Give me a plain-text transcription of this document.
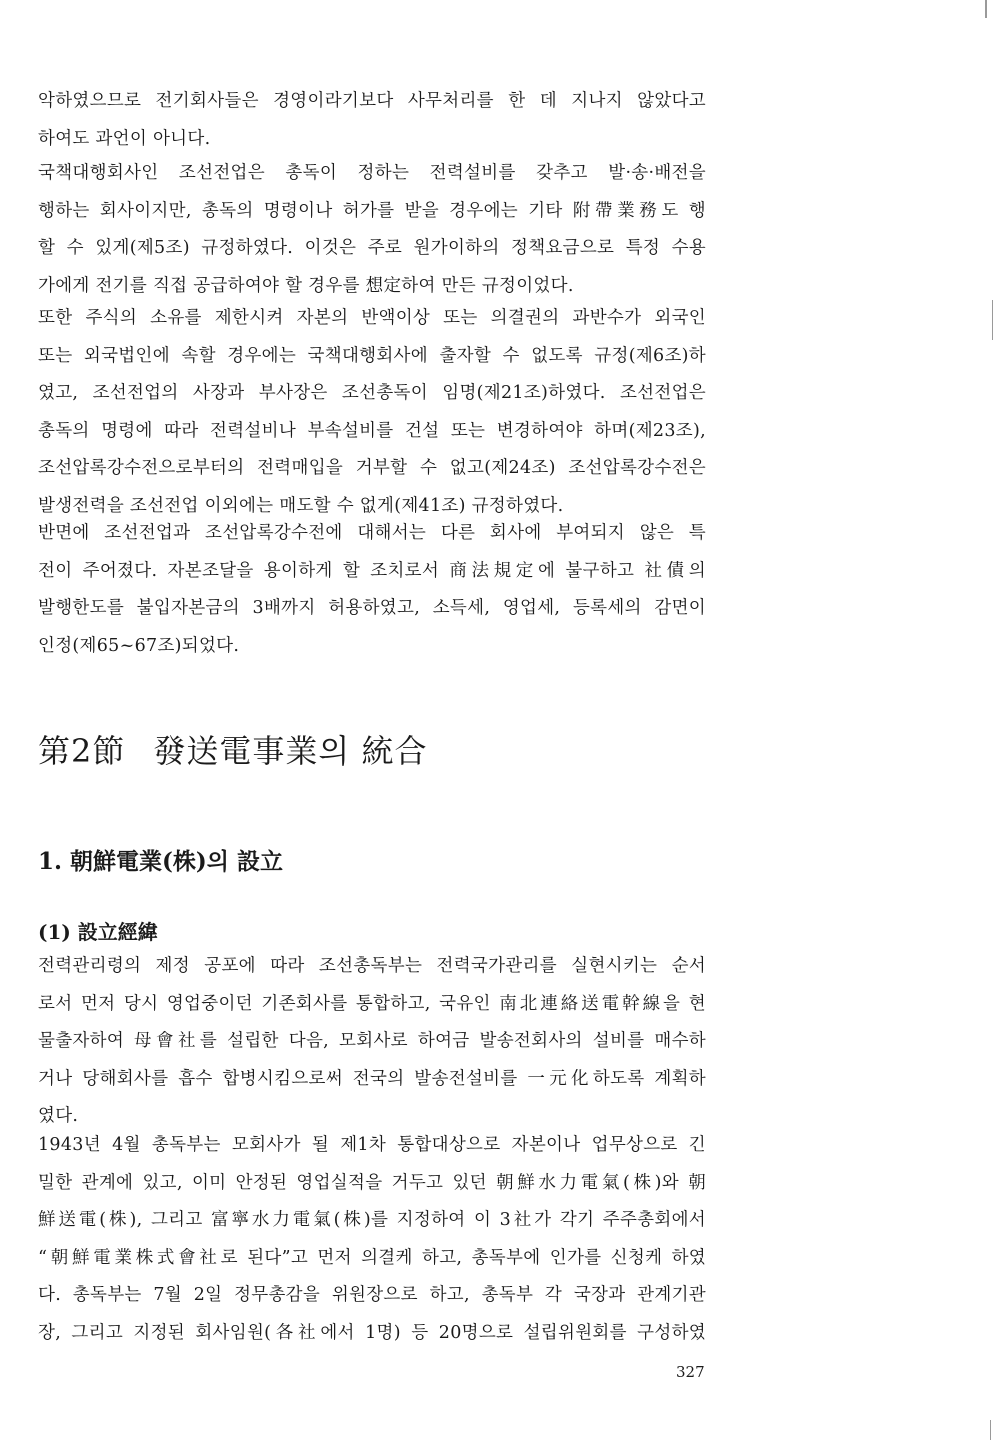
악하였으므로 전기회사들은 경영이라기보다 사무처리를 한 데 지나지 않았다고
하여도 과언이 아니다.
국책대행회사인 조선전업은 총독이 정하는 전력설비를 갖추고 발·송·배전을
행하는 회사이지만, 총독의 명령이나 허가를 받을 경우에는 기타 附帶業務도 행
할 수 있게(제5조) 규정하였다. 이것은 주로 원가이하의 정책요금으로 특정 수용
가에게 전기를 직접 공급하여야 할 경우를 想定하여 만든 규정이었다.
또한 주식의 소유를 제한시켜 자본의 반액이상 또는 의결권의 과반수가 외국인
또는 외국법인에 속할 경우에는 국책대행회사에 출자할 수 없도록 규정(제6조)하
였고, 조선전업의 사장과 부사장은 조선총독이 임명(제21조)하였다. 조선전업은
총독의 명령에 따라 전력설비나 부속설비를 건설 또는 변경하여야 하며(제23조),
조선압록강수전으로부터의 전력매입을 거부할 수 없고(제24조) 조선압록강수전은
발생전력을 조선전업 이외에는 매도할 수 없게(제41조) 규정하였다.
반면에 조선전업과 조선압록강수전에 대해서는 다른 회사에 부여되지 않은 특
전이 주어졌다. 자본조달을 용이하게 할 조치로서 商法規定에 불구하고 社債의
발행한도를 불입자본금의 3배까지 허용하였고, 소득세, 영업세, 등록세의 감면이
인정(제65~67조)되었다.
第2節 發送電事業의 統合
1. 朝鮮電業(株)의 設立
(1) 設立經緯
전력관리령의 제정 공포에 따라 조선총독부는 전력국가관리를 실현시키는 순서
로서 먼저 당시 영업중이던 기존회사를 통합하고, 국유인 南北連絡送電幹線을 현
물출자하여 母會社를 설립한 다음, 모회사로 하여금 발송전회사의 설비를 매수하
거나 당해회사를 흡수 합병시킴으로써 전국의 발송전설비를 一元化하도록 계획하
였다.
1943년 4월 총독부는 모회사가 될 제1차 통합대상으로 자본이나 업무상으로 긴
밀한 관계에 있고, 이미 안정된 영업실적을 거두고 있던 朝鮮水力電氣(株)와 朝
鮮送電(株), 그리고 富寧水力電氣(株)를 지정하여 이 3社가 각기 주주총회에서
“朝鮮電業株式會社로 된다”고 먼저 의결케 하고, 총독부에 인가를 신청케 하였
다. 총독부는 7월 2일 정무총감을 위원장으로 하고, 총독부 각 국장과 관계기관
장, 그리고 지정된 회사임원(各社에서 1명) 등 20명으로 설립위원회를 구성하였
327
